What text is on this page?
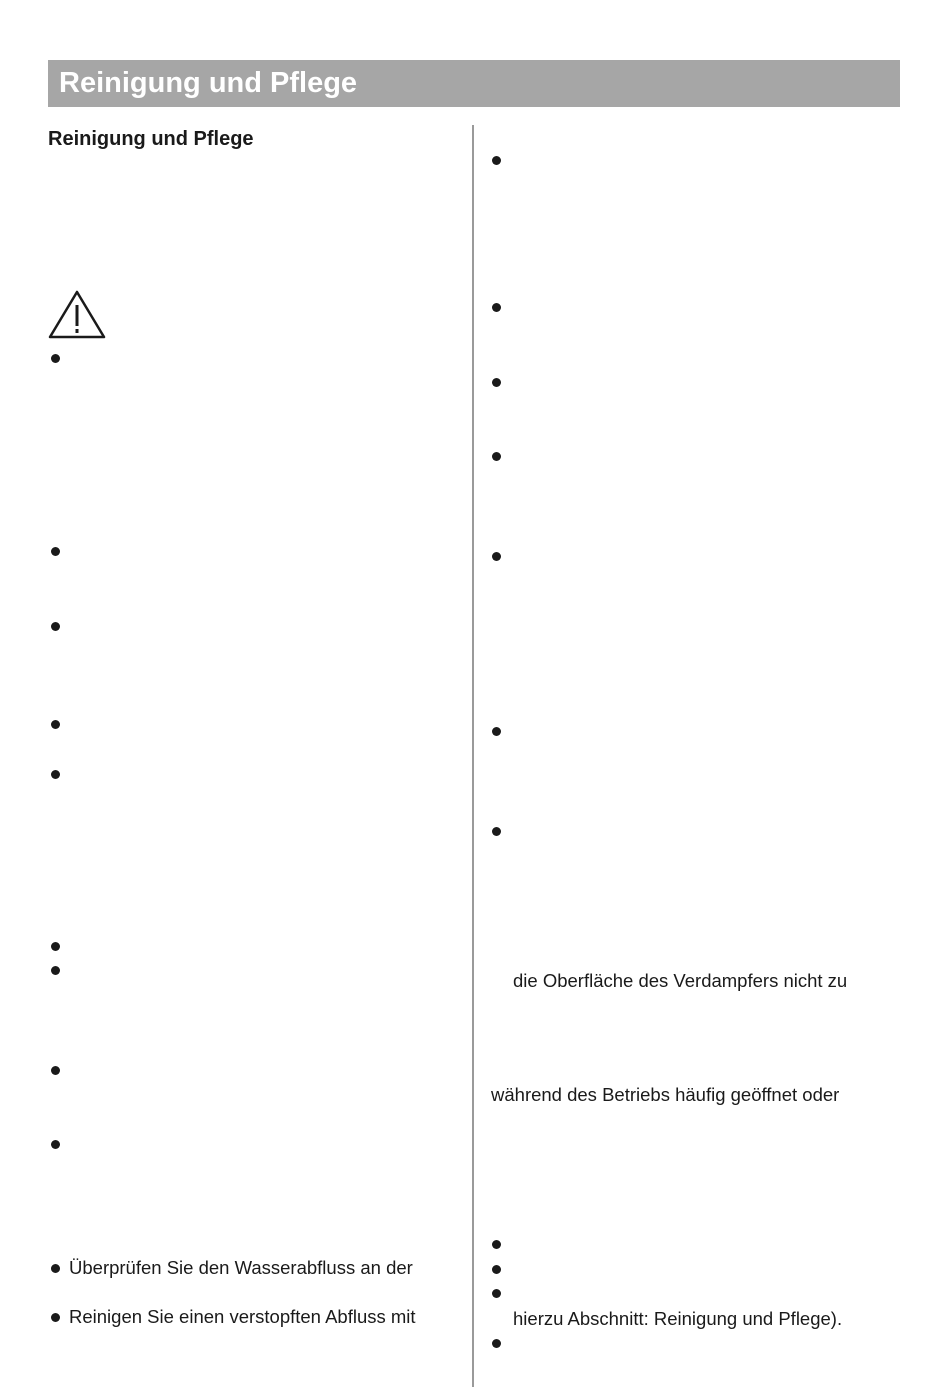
Reinigung und Pflege
Reinigung und Pflege
Überprüfen Sie den Wasserabfluss an der
Reinigen Sie einen verstopften Abfluss mit
die Oberfläche des Verdampfers nicht zu
während des Betriebs häufig geöffnet oder
hierzu Abschnitt: Reinigung und Pflege).
